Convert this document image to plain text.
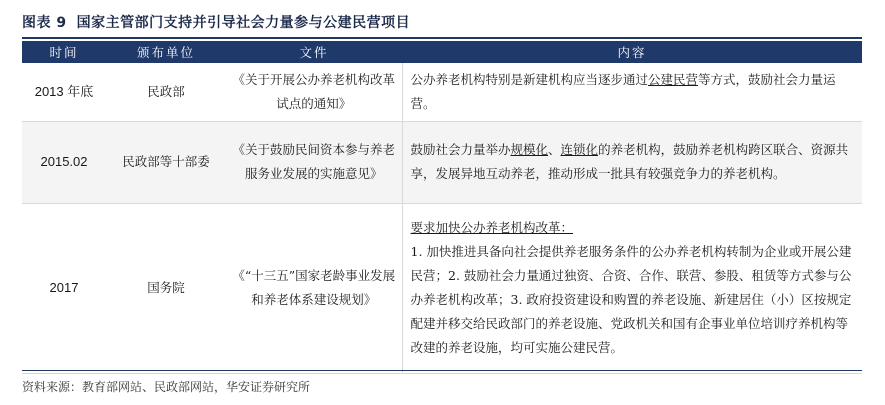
图表 9 国家主管部门支持并引导社会力量参与公建民营项目
时间	颁布单位	文件	内容
2013 年底	民政部	《关于开展公办养老机构改革试点的通知》	公办养老机构特别是新建机构应当逐步通过公建民营等方式，鼓励社会力量运营。
2015.02	民政部等十部委	《关于鼓励民间资本参与养老服务业发展的实施意见》	鼓励社会力量举办规模化、连锁化的养老机构，鼓励养老机构跨区联合、资源共享，发展异地互动养老，推动形成一批具有较强竞争力的养老机构。
2017	国务院	《“十三五”国家老龄事业发展和养老体系建设规划》	要求加快公办养老机构改革：
1. 加快推进具备向社会提供养老服务条件的公办养老机构转制为企业或开展公建民营；2. 鼓励社会力量通过独资、合资、合作、联营、参股、租赁等方式参与公办养老机构改革；3. 政府投资建设和购置的养老设施、新建居住（小）区按规定配建并移交给民政部门的养老设施、党政机关和国有企事业单位培训疗养机构等改建的养老设施，均可实施公建民营。
资料来源：教育部网站、民政部网站，华安证券研究所
